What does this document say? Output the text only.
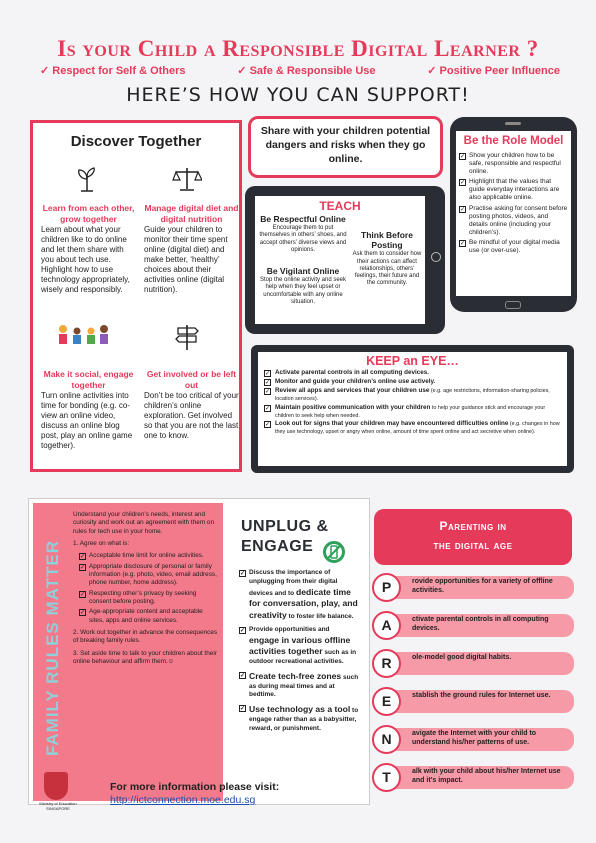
Is your Child a Responsible Digital Learner ?
✓ Respect for Self & Others	✓ Safe & Responsible Use	✓ Positive Peer Influence
HERE’S HOW YOU CAN SUPPORT!
Discover Together
Learn from each other, grow together
Learn about what your children like to do online and let them share with you about tech use. Highlight how to use technology appropriately, wisely and responsibly.
Manage digital diet and digital nutrition
Guide your children to monitor their time spent online (digital diet) and make better, ‘healthy’ choices about their activities online (digital nutrition).
Make it social, engage together
Turn online activities into time for bonding (e.g. co-view an online video, discuss an online blog post, play an online game together).
Get involved or be left out
Don’t be too critical of your children’s online exploration. Get involved so that you are not the last one to know.
Share with your children potential dangers and risks when they go online.
TEACH
Be Respectful Online
Encourage them to put themselves in others’ shoes, and accept others’ diverse views and opinions.
Be Vigilant Online
Stop the online activity and seek help when they feel upset or uncomfortable with any online situation.
Think Before Posting
Ask them to consider how their actions can affect relationships, others’ feelings, their future and the community.
Be the Role Model
✓ Show your children how to be safe, responsible and respectful online.
✓ Highlight that the values that guide everyday interactions are also applicable online.
✓ Practise asking for consent before posting photos, videos, and details online (including your children’s).
✓ Be mindful of your digital media use (or over-use).
KEEP an EYE…
✓ Activate parental controls in all computing devices.
✓ Monitor and guide your children’s online use actively.
✓ Review all apps and services that your children use (e.g. age restrictions, information-sharing policies, location services).
✓ Maintain positive communication with your children to help your guidance stick and encourage your children to seek help when needed.
✓ Look out for signs that your children may have encountered difficulties online (e.g. changes in how they use technology, upset or angry when online, amount of time spent online and act secretive when online).
FAMILY RULES MATTER

Understand your children’s needs, interest and curiosity and work out an agreement with them on rules for tech use in your home.

1. Agree on what is:

✓ Acceptable time limit for online activities.
✓ Appropriate disclosure of personal or family information (e.g. photo, video, email address, phone number, home address).
✓ Respecting other’s privacy by seeking consent before posting.
✓ Age-appropriate content and acceptable sites, apps and online services.

2. Work out together in advance the consequences of breaking family rules.

3. Set aside time to talk to your children about their online behaviour and affirm them.☺

UNPLUG &
ENGAGE
✓ Discuss the importance of unplugging from their digital devices and to dedicate time for conversation, play, and creativity to foster life balance.
✓ Provide opportunities and engage in various offline activities together such as in outdoor recreational activities.
✓ Create tech-free zones such as during meal times and at bedtime.
✓ Use technology as a tool to engage rather than as a babysitter, reward, or punishment.
Parenting in
the digital age
P	rovide opportunities for a variety of offline activities.
A	ctivate parental controls in all computing devices.
R	ole-model good digital habits.
E	stablish the ground rules for Internet use.
N	avigate the Internet with your child to understand his/her patterns of use.
T	alk with your child about his/her Internet use and it’s impact.
Ministry of Education
SINGAPORE
For more information please visit:
http://ictconnection.moe.edu.sg
